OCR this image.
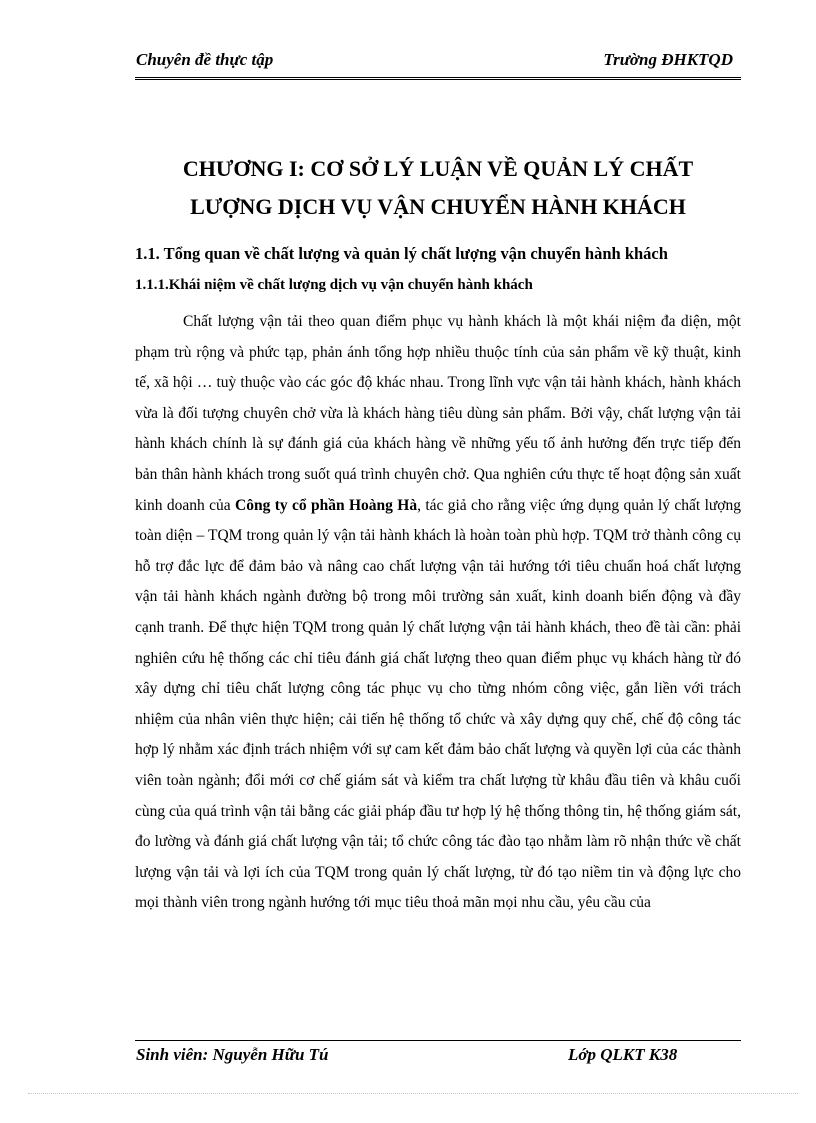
Chuyên đề thực tập	Trường ĐHKTQD
CHƯƠNG I: CƠ SỞ LÝ LUẬN VỀ QUẢN LÝ CHẤT
LƯỢNG DỊCH VỤ VẬN CHUYỂN HÀNH KHÁCH
1.1. Tổng quan về chất lượng và quản lý chất lượng vận chuyển hành khách
1.1.1.Khái niệm về chất lượng dịch vụ vận chuyển hành khách

Chất lượng vận tải theo quan điểm phục vụ hành khách là một khái niệm đa diện, một phạm trù rộng và phức tạp, phản ánh tổng hợp nhiều thuộc tính của sản phẩm về kỹ thuật, kinh tế, xã hội … tuỳ thuộc vào các góc độ khác nhau. Trong lĩnh vực vận tải hành khách, hành khách vừa là đối tượng chuyên chở vừa là khách hàng tiêu dùng sản phẩm. Bởi vậy, chất lượng vận tải hành khách chính là sự đánh giá của khách hàng về những yếu tố ảnh hưởng đến trực tiếp đến bản thân hành khách trong suốt quá trình chuyên chở. Qua nghiên cứu thực tế hoạt động sản xuất kinh doanh của Công ty cổ phần Hoàng Hà, tác giả cho rằng việc ứng dụng quản lý chất lượng toàn diện – TQM trong quản lý vận tải hành khách là hoàn toàn phù hợp. TQM trở thành công cụ hỗ trợ đắc lực để đảm bảo và nâng cao chất lượng vận tải hướng tới tiêu chuẩn hoá chất lượng vận tải hành khách ngành đường bộ trong môi trường sản xuất, kinh doanh biến động và đầy cạnh tranh. Để thực hiện TQM trong quản lý chất lượng vận tải hành khách, theo đề tài cần: phải nghiên cứu hệ thống các chỉ tiêu đánh giá chất lượng theo quan điểm phục vụ khách hàng từ đó xây dựng chỉ tiêu chất lượng công tác phục vụ cho từng nhóm công việc, gắn liền với trách nhiệm của nhân viên thực hiện; cải tiến hệ thống tổ chức và xây dựng quy chế, chế độ công tác hợp lý nhằm xác định trách nhiệm với sự cam kết đảm bảo chất lượng và quyền lợi của các thành viên toàn ngành; đổi mới cơ chế giám sát và kiểm tra chất lượng từ khâu đầu tiên và khâu cuối cùng của quá trình vận tải bằng các giải pháp đầu tư hợp lý hệ thống thông tin, hệ thống giám sát, đo lường và đánh giá chất lượng vận tải; tổ chức công tác đào tạo nhằm làm rõ nhận thức về chất lượng vận tải và lợi ích của TQM trong quản lý chất lượng, từ đó tạo niềm tin và động lực cho mọi thành viên trong ngành hướng tới mục tiêu thoả mãn mọi nhu cầu, yêu cầu của

Sinh viên: Nguyễn Hữu Tú	Lớp QLKT K38
